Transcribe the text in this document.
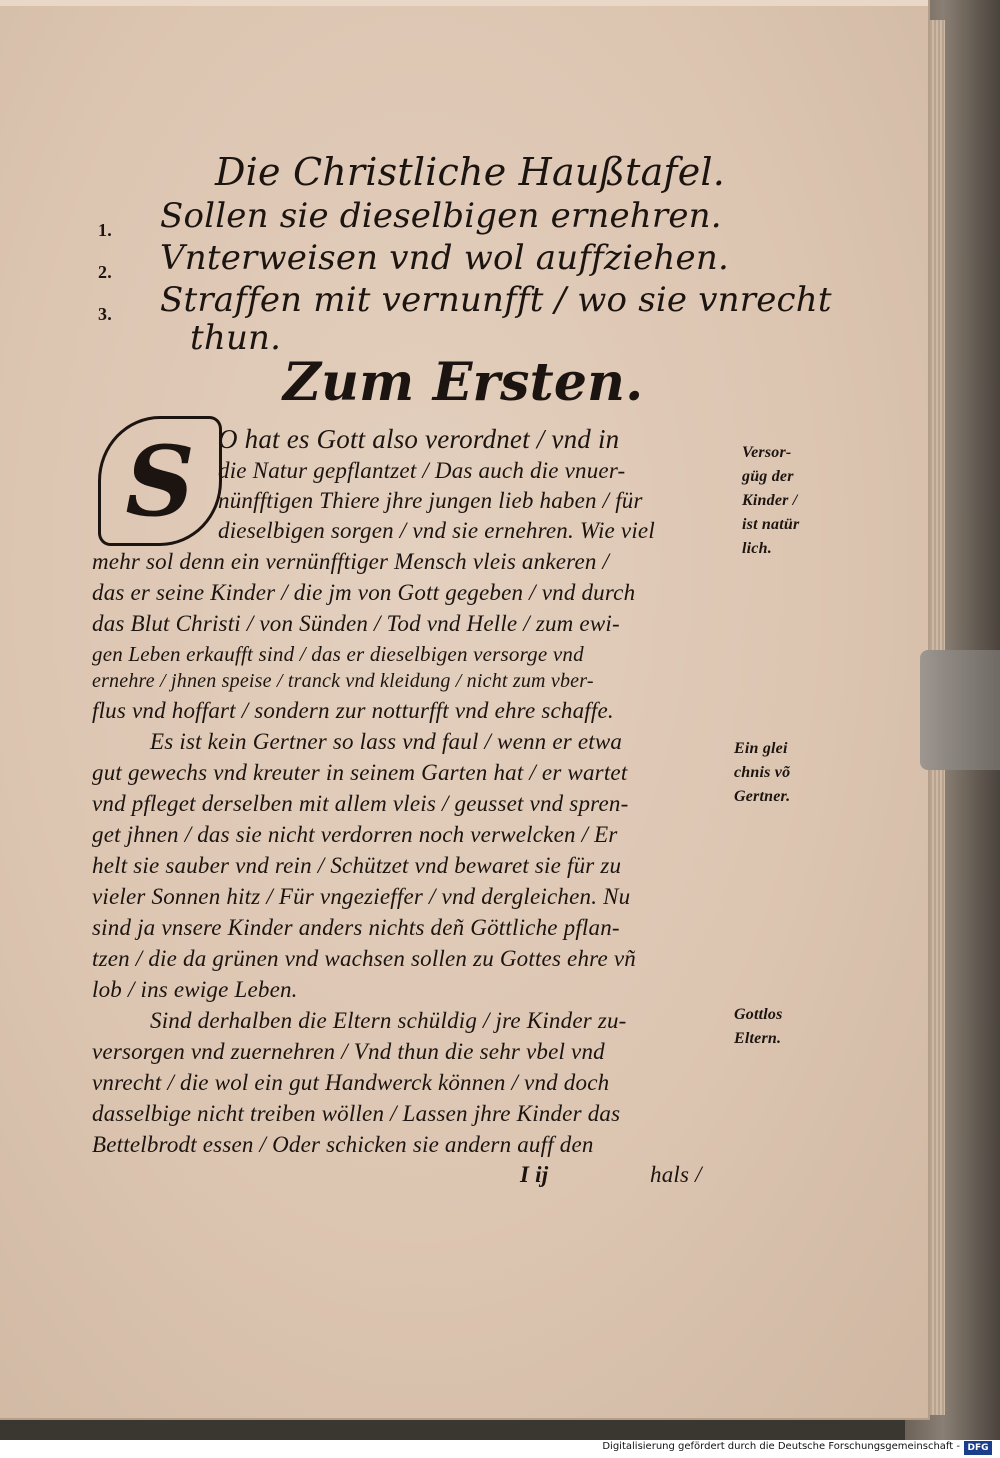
Die Christliche Haußtafel.
1. Sollen sie dieselbigen ernehren.
2. Vnterweisen vnd wol auffziehen.
3. Straffen mit vernunfft / wo sie vnrecht
thun.
Zum Ersten.
S O hat es Gott also verordnet / vnd in
die Natur gepflantzet / Das auch die vnuer-
nünfftigen Thiere jhre jungen lieb haben / für
dieselbigen sorgen / vnd sie ernehren. Wie viel
mehr sol denn ein vernünfftiger Mensch vleis ankeren /
das er seine Kinder / die jm von Gott gegeben / vnd durch
das Blut Christi / von Sünden / Tod vnd Helle / zum ewi-
gen Leben erkaufft sind / das er dieselbigen versorge vnd
ernehre / jhnen speise / tranck vnd kleidung / nicht zum vber-
flus vnd hoffart / sondern zur notturfft vnd ehre schaffe.
Es ist kein Gertner so lass vnd faul / wenn er etwa
gut gewechs vnd kreuter in seinem Garten hat / er wartet
vnd pfleget derselben mit allem vleis / geusset vnd spren-
get jhnen / das sie nicht verdorren noch verwelcken / Er
helt sie sauber vnd rein / Schützet vnd bewaret sie für zu
vieler Sonnen hitz / Für vngezieffer / vnd dergleichen. Nu
sind ja vnsere Kinder anders nichts deñ Göttliche pflan-
tzen / die da grünen vnd wachsen sollen zu Gottes ehre vñ
lob / ins ewige Leben.
Sind derhalben die Eltern schüldig / jre Kinder zu-
versorgen vnd zuernehren / Vnd thun die sehr vbel vnd
vnrecht / die wol ein gut Handwerck können / vnd doch
dasselbige nicht treiben wöllen / Lassen jhre Kinder das
Bettelbrodt essen / Oder schicken sie andern auff den
I ij	hals /
Versor-
güg der
Kinder /
ist natür
lich.
Ein glei
chnis võ
Gertner.
Gottlos
Eltern.
Digitalisierung gefördert durch die Deutsche Forschungsgemeinschaft - DFG
